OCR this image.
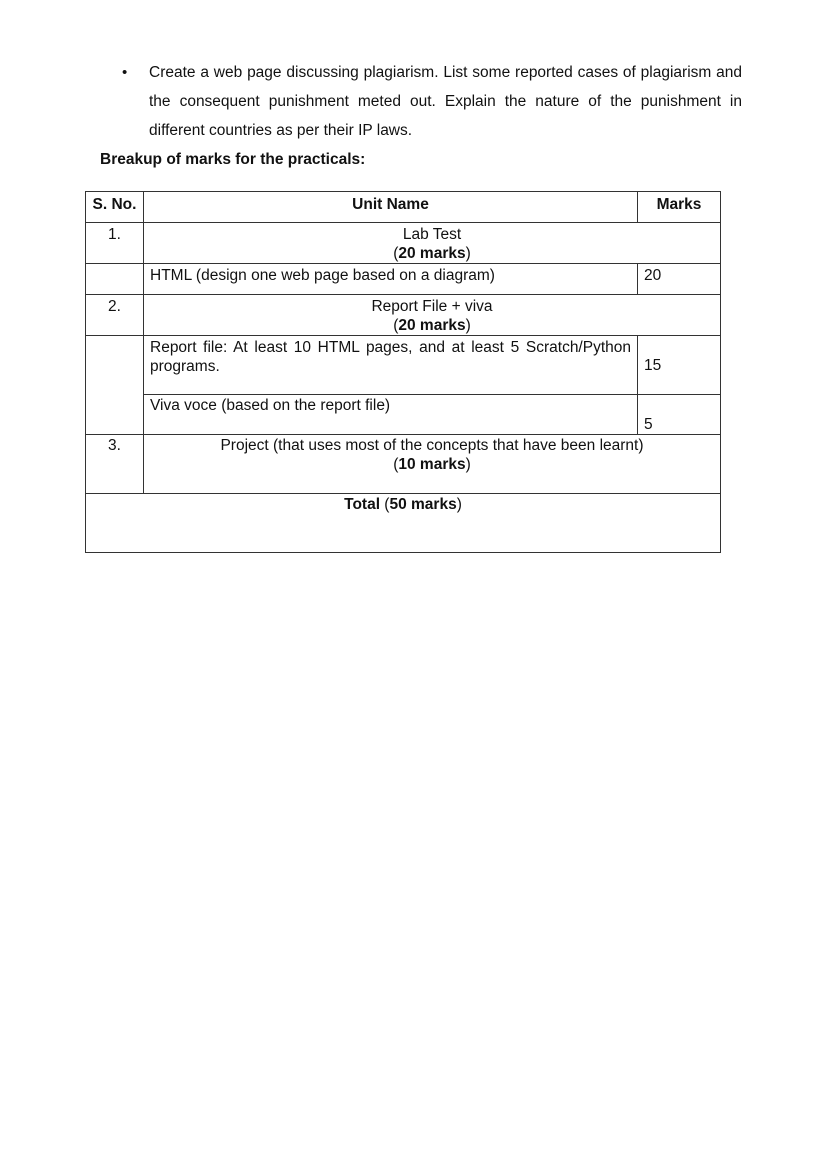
• Create a web page discussing plagiarism. List some reported cases of plagiarism and the consequent punishment meted out. Explain the nature of the punishment in different countries as per their IP laws.
Breakup of marks for the practicals:
S. No.	Unit Name	Marks
1.	Lab Test
(20 marks)	

	HTML (design one web page based on a diagram)	20
2.	Report File + viva
(20 marks)	

	Report file: At least 10 HTML pages, and at least 5 Scratch/Python programs.	15
	Viva voce (based on the report file)	5
3.	Project (that uses most of the concepts that have been learnt)
(10 marks)	

Total (50 marks)		
